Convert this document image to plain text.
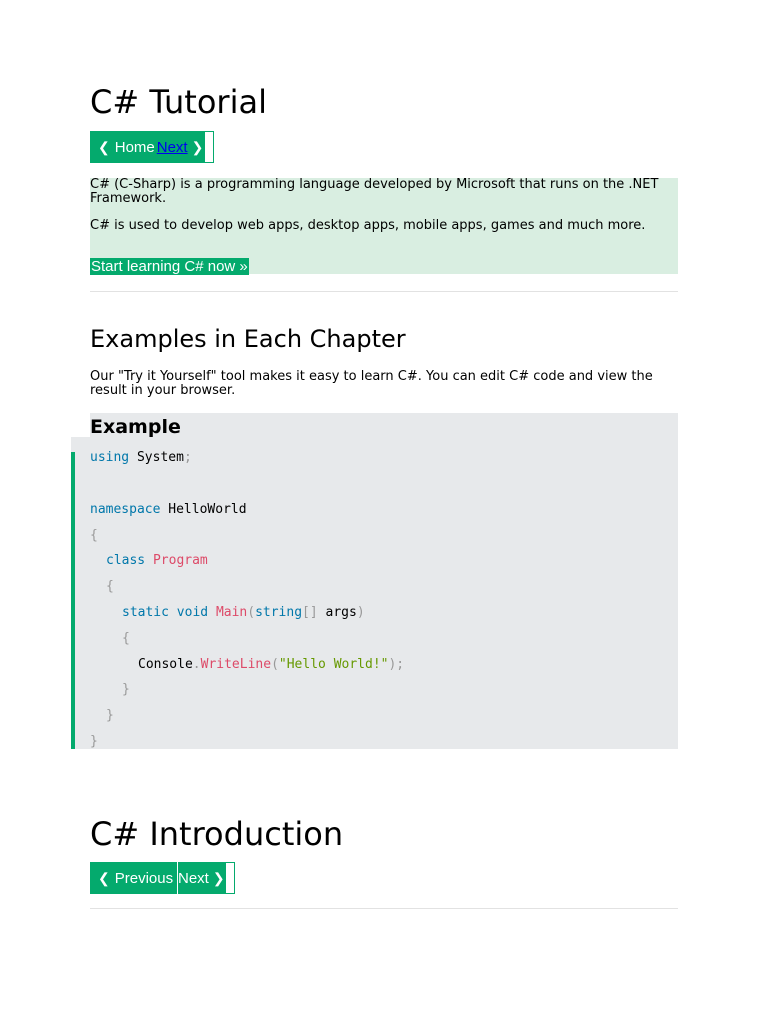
C# Tutorial
❮ Home Next ❯

C# (C-Sharp) is a programming language developed by Microsoft that runs on the .NET Framework.

C# is used to develop web apps, desktop apps, mobile apps, games and much more.

Start learning C# now »
Examples in Each Chapter

Our "Try it Yourself" tool makes it easy to learn C#. You can edit C# code and view the result in your browser.

Example
using System;
namespace HelloWorld
{
class Program
{
static void Main(string[] args)
{
Console.WriteLine("Hello World!");
}
}
}
C# Introduction
❮ Previous Next ❯
